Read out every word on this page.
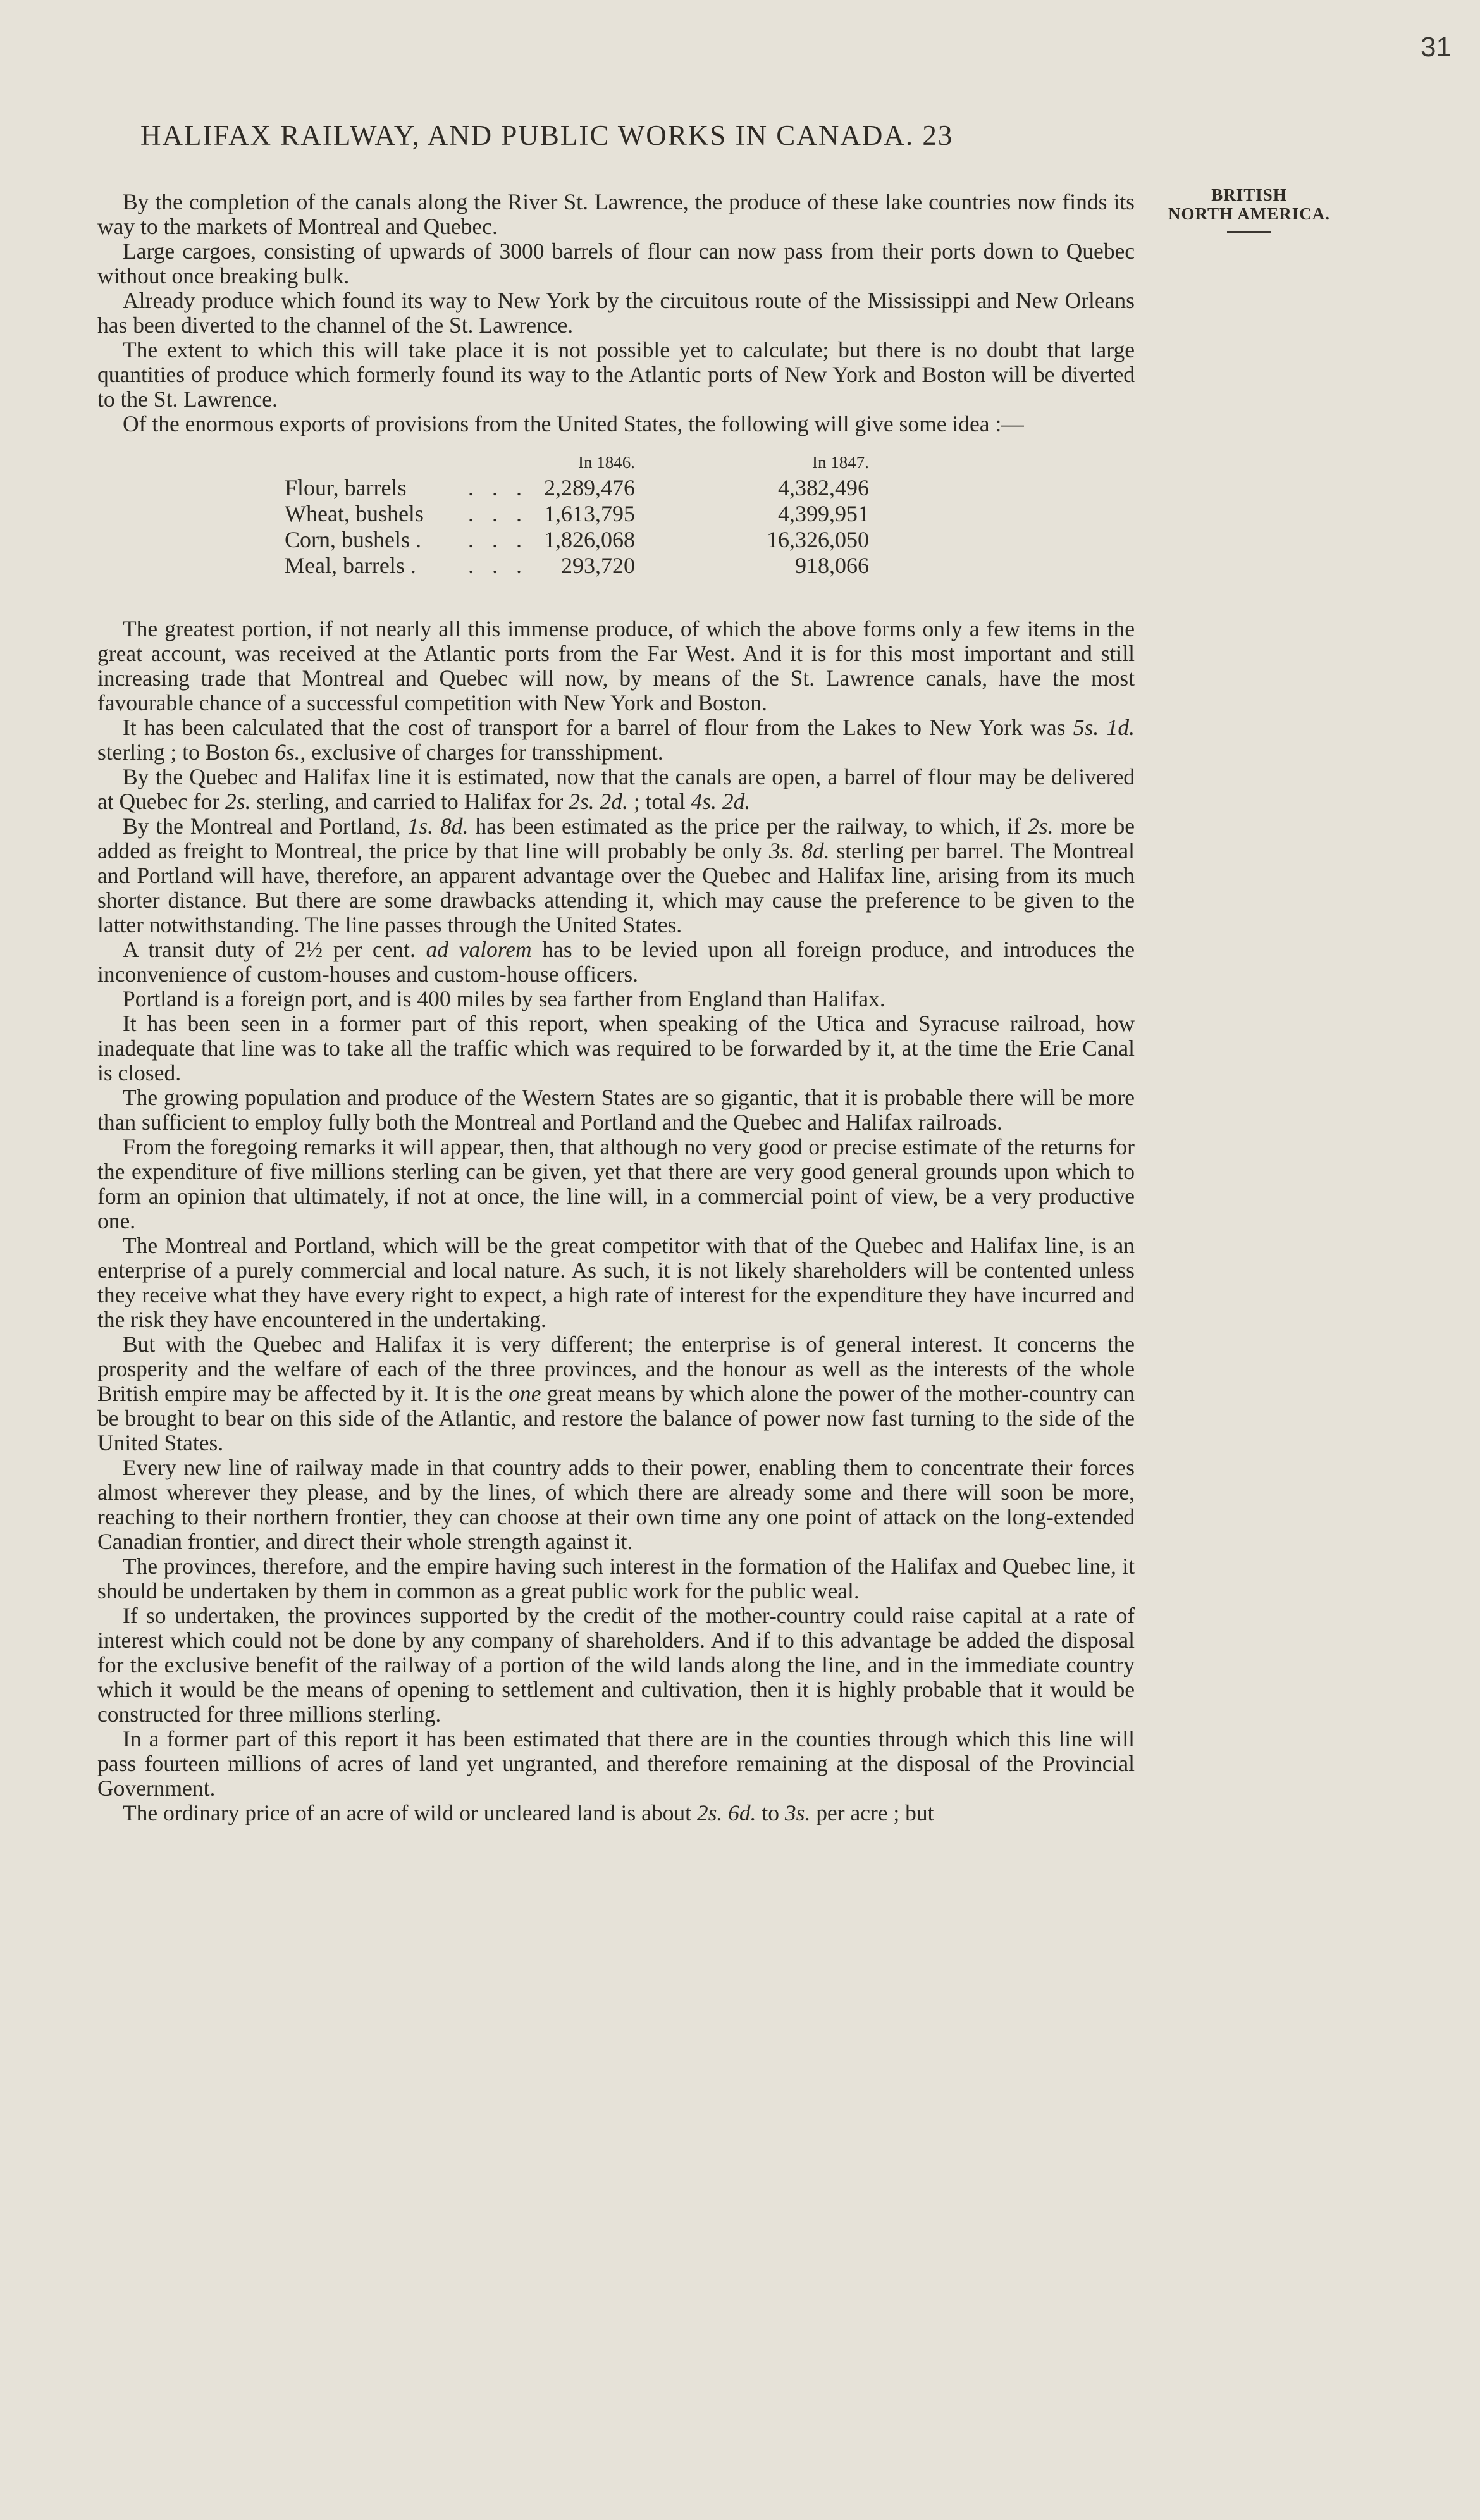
31
HALIFAX RAILWAY, AND PUBLIC WORKS IN CANADA. 23
BRITISH
NORTH AMERICA.

By the completion of the canals along the River St. Lawrence, the produce of these lake countries now finds its way to the markets of Montreal and Quebec.

Large cargoes, consisting of upwards of 3000 barrels of flour can now pass from their ports down to Quebec without once breaking bulk.

Already produce which found its way to New York by the circuitous route of the Mississippi and New Orleans has been diverted to the channel of the St. Lawrence.

The extent to which this will take place it is not possible yet to calculate; but there is no doubt that large quantities of produce which formerly found its way to the Atlantic ports of New York and Boston will be diverted to the St. Lawrence.

Of the enormous exports of provisions from the United States, the following will give some idea :—

		In 1846.	In 1847.
Flour, barrels	. . .	2,289,476	4,382,496
Wheat, bushels	. . .	1,613,795	4,399,951
Corn, bushels .	. . .	1,826,068	16,326,050
Meal, barrels .	. . .	293,720	918,066

The greatest portion, if not nearly all this immense produce, of which the above forms only a few items in the great account, was received at the Atlantic ports from the Far West. And it is for this most important and still increasing trade that Montreal and Quebec will now, by means of the St. Lawrence canals, have the most favourable chance of a successful competition with New York and Boston.

It has been calculated that the cost of transport for a barrel of flour from the Lakes to New York was 5s. 1d. sterling ; to Boston 6s., exclusive of charges for transshipment.

By the Quebec and Halifax line it is estimated, now that the canals are open, a barrel of flour may be delivered at Quebec for 2s. sterling, and carried to Halifax for 2s. 2d. ; total 4s. 2d.

By the Montreal and Portland, 1s. 8d. has been estimated as the price per the railway, to which, if 2s. more be added as freight to Montreal, the price by that line will probably be only 3s. 8d. sterling per barrel. The Montreal and Portland will have, therefore, an apparent advantage over the Quebec and Halifax line, arising from its much shorter distance. But there are some drawbacks attending it, which may cause the preference to be given to the latter notwithstanding. The line passes through the United States.

A transit duty of 2½ per cent. ad valorem has to be levied upon all foreign produce, and introduces the inconvenience of custom-houses and custom-house officers.

Portland is a foreign port, and is 400 miles by sea farther from England than Halifax.

It has been seen in a former part of this report, when speaking of the Utica and Syracuse railroad, how inadequate that line was to take all the traffic which was required to be forwarded by it, at the time the Erie Canal is closed.

The growing population and produce of the Western States are so gigantic, that it is probable there will be more than sufficient to employ fully both the Montreal and Portland and the Quebec and Halifax railroads.

From the foregoing remarks it will appear, then, that although no very good or precise estimate of the returns for the expenditure of five millions sterling can be given, yet that there are very good general grounds upon which to form an opinion that ultimately, if not at once, the line will, in a commercial point of view, be a very productive one.

The Montreal and Portland, which will be the great competitor with that of the Quebec and Halifax line, is an enterprise of a purely commercial and local nature. As such, it is not likely shareholders will be contented unless they receive what they have every right to expect, a high rate of interest for the expenditure they have incurred and the risk they have encountered in the undertaking.

But with the Quebec and Halifax it is very different; the enterprise is of general interest. It concerns the prosperity and the welfare of each of the three provinces, and the honour as well as the interests of the whole British empire may be affected by it. It is the one great means by which alone the power of the mother-country can be brought to bear on this side of the Atlantic, and restore the balance of power now fast turning to the side of the United States.

Every new line of railway made in that country adds to their power, enabling them to concentrate their forces almost wherever they please, and by the lines, of which there are already some and there will soon be more, reaching to their northern frontier, they can choose at their own time any one point of attack on the long-extended Canadian frontier, and direct their whole strength against it.

The provinces, therefore, and the empire having such interest in the formation of the Halifax and Quebec line, it should be undertaken by them in common as a great public work for the public weal.

If so undertaken, the provinces supported by the credit of the mother-country could raise capital at a rate of interest which could not be done by any company of shareholders. And if to this advantage be added the disposal for the exclusive benefit of the railway of a portion of the wild lands along the line, and in the immediate country which it would be the means of opening to settlement and cultivation, then it is highly probable that it would be constructed for three millions sterling.

In a former part of this report it has been estimated that there are in the counties through which this line will pass fourteen millions of acres of land yet ungranted, and therefore remaining at the disposal of the Provincial Government.

The ordinary price of an acre of wild or uncleared land is about 2s. 6d. to 3s. per acre ; but
